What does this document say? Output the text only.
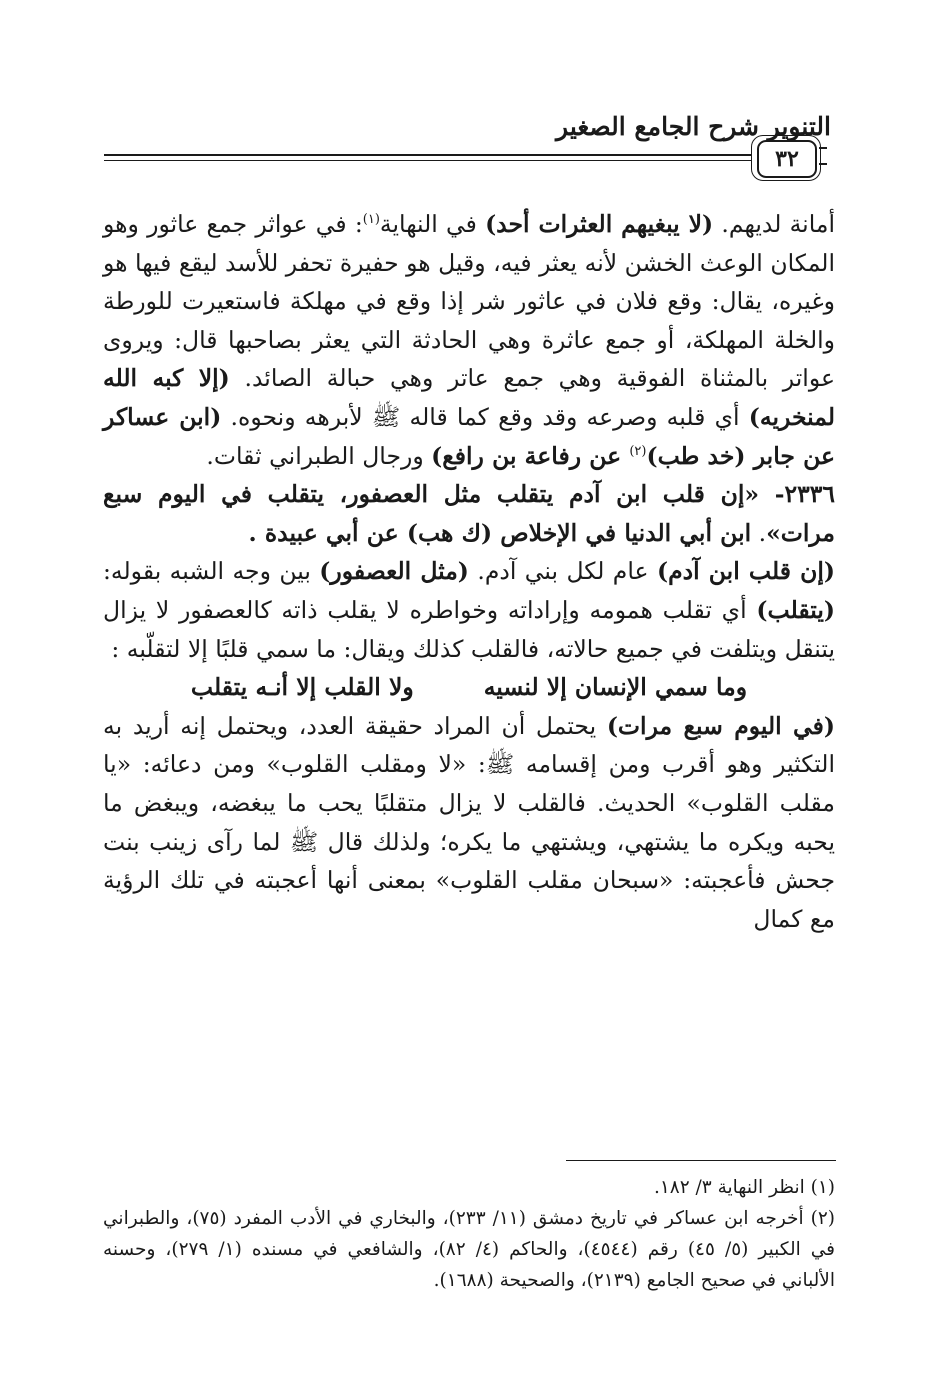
التنوير شرح الجامع الصغير
٣٢

أمانة لديهم. (لا يبغيهم العثرات أحد) في النهاية$^{(١)}$: في عواثر جمع عاثور وهو المكان الوعث الخشن لأنه يعثر فيه، وقيل هو حفيرة تحفر للأسد ليقع فيها هو وغيره، يقال: وقع فلان في عاثور شر إذا وقع في مهلكة فاستعيرت للورطة والخلة المهلكة، أو جمع عاثرة وهي الحادثة التي يعثر بصاحبها قال: ويروى عواتر بالمثناة الفوقية وهي جمع عاتر وهي حبالة الصائد. (إلا كبه الله لمنخريه) أي قلبه وصرعه وقد وقع كما قاله ﷺ لأبرهه ونحوه. (ابن عساكر عن جابر (خد طب)$^{(٢)}$ عن رفاعة بن رافع) ورجال الطبراني ثقات.

٢٣٣٦- «إن قلب ابن آدم يتقلب مثل العصفور، يتقلب في اليوم سبع مرات». ابن أبي الدنيا في الإخلاص (ك هب) عن أبي عبيدة .

(إن قلب ابن آدم) عام لكل بني آدم. (مثل العصفور) بين وجه الشبه بقوله: (يتقلب) أي تقلب همومه وإراداته وخواطره لا يقلب ذاته كالعصفور لا يزال يتنقل ويتلفت في جميع حالاته، فالقلب كذلك ويقال: ما سمي قلبًا إلا لتقلّبه :

وما سمي الإنسان إلا لنسيه
ولا القلب إلا أنـه يتقلب

(في اليوم سبع مرات) يحتمل أن المراد حقيقة العدد، ويحتمل إنه أريد به التكثير وهو أقرب ومن إقسامه ﷺ: «لا ومقلب القلوب» ومن دعائه: «يا مقلب القلوب» الحديث. فالقلب لا يزال متقلبًا يحب ما يبغضه، ويبغض ما يحبه ويكره ما يشتهي، ويشتهي ما يكره؛ ولذلك قال ﷺ لما رآى زينب بنت جحش فأعجبته: «سبحان مقلب القلوب» بمعنى أنها أعجبته في تلك الرؤية مع كمال

(١) انظر النهاية ٣/ ١٨٢.

(٢) أخرجه ابن عساكر في تاريخ دمشق (١١/ ٢٣٣)، والبخاري في الأدب المفرد (٧٥)، والطبراني في الكبير (٥/ ٤٥) رقم (٤٥٤٤)، والحاكم (٤/ ٨٢)، والشافعي في مسنده (١/ ٢٧٩)، وحسنه الألباني في صحيح الجامع (٢١٣٩)، والصحيحة (١٦٨٨).
